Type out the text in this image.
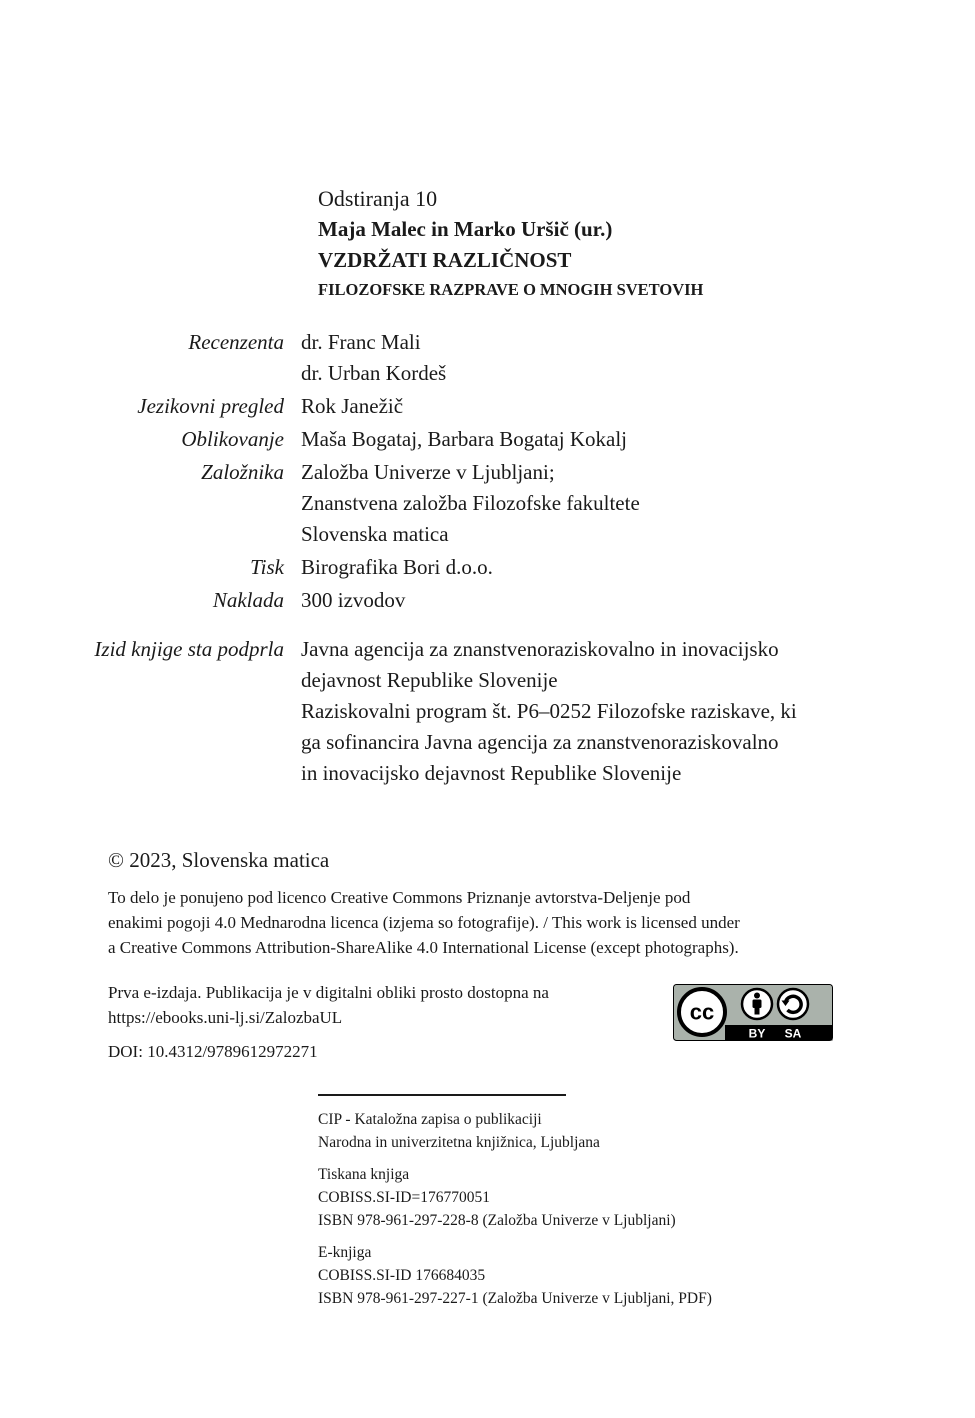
Odstiranja 10
Maja Malec in Marko Uršič (ur.)
VZDRŽATI RAZLIČNOST
FILOZOFSKE RAZPRAVE O MNOGIH SVETOVIH
Recenzenta dr. Franc Mali
dr. Urban Kordeš
Jezikovni pregled Rok Janežič
Oblikovanje Maša Bogataj, Barbara Bogataj Kokalj
Založnika Založba Univerze v Ljubljani;
Znanstvena založba Filozofske fakultete
Slovenska matica
Tisk Birografika Bori d.o.o.
Naklada 300 izvodov
Izid knjige sta podprla Javna agencija za znanstvenoraziskovalno in inovacijsko
dejavnost Republike Slovenije
Raziskovalni program št. P6–0252 Filozofske raziskave, ki
ga sofinancira Javna agencija za znanstvenoraziskovalno
in inovacijsko dejavnost Republike Slovenije
© 2023, Slovenska matica
To delo je ponujeno pod licenco Creative Commons Priznanje avtorstva-Deljenje pod
enakimi pogoji 4.0 Mednarodna licenca (izjema so fotografije). / This work is licensed under
a Creative Commons Attribution-ShareAlike 4.0 International License (except photographs).
Prva e-izdaja. Publikacija je v digitalni obliki prosto dostopna na
https://ebooks.uni-lj.si/ZalozbaUL
DOI: 10.4312/9789612972271
cc
BY SA
CIP - Kataložna zapisa o publikaciji
Narodna in univerzitetna knjižnica, Ljubljana
Tiskana knjiga
COBISS.SI-ID=176770051
ISBN 978-961-297-228-8 (Založba Univerze v Ljubljani)
E-knjiga
COBISS.SI-ID 176684035
ISBN 978-961-297-227-1 (Založba Univerze v Ljubljani, PDF)
